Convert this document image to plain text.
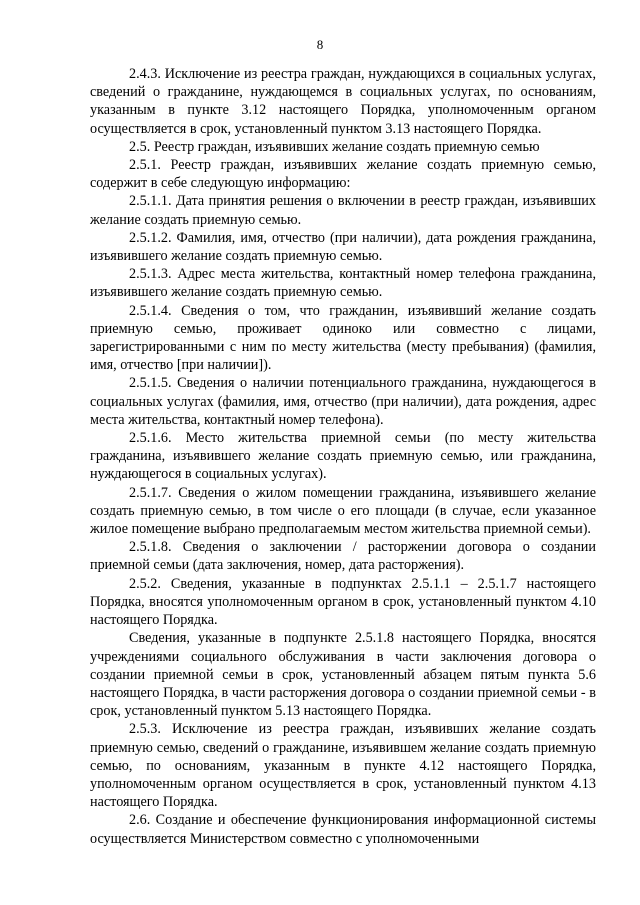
8

2.4.3. Исключение из реестра граждан, нуждающихся в социальных услугах, сведений о гражданине, нуждающемся в социальных услугах, по основаниям, указанным в пункте 3.12 настоящего Порядка, уполномоченным органом осуществляется в срок, установленный пунктом 3.13 настоящего Порядка.

2.5. Реестр граждан, изъявивших желание создать приемную семью

2.5.1. Реестр граждан, изъявивших желание создать приемную семью, содержит в себе следующую информацию:

2.5.1.1. Дата принятия решения о включении в реестр граждан, изъявивших желание создать приемную семью.

2.5.1.2. Фамилия, имя, отчество (при наличии), дата рождения гражданина, изъявившего желание создать приемную семью.

2.5.1.3. Адрес места жительства, контактный номер телефона гражданина, изъявившего желание создать приемную семью.

2.5.1.4. Сведения о том, что гражданин, изъявивший желание создать приемную семью, проживает одиноко или совместно с лицами, зарегистрированными с ним по месту жительства (месту пребывания) (фамилия, имя, отчество [при наличии]).

2.5.1.5. Сведения о наличии потенциального гражданина, нуждающегося в социальных услугах (фамилия, имя, отчество (при наличии), дата рождения, адрес места жительства, контактный номер телефона).

2.5.1.6. Место жительства приемной семьи (по месту жительства гражданина, изъявившего желание создать приемную семью, или гражданина, нуждающегося в социальных услугах).

2.5.1.7. Сведения о жилом помещении гражданина, изъявившего желание создать приемную семью, в том числе о его площади (в случае, если указанное жилое помещение выбрано предполагаемым местом жительства приемной семьи).

2.5.1.8. Сведения о заключении / расторжении договора о создании приемной семьи (дата заключения, номер, дата расторжения).

2.5.2. Сведения, указанные в подпунктах 2.5.1.1 – 2.5.1.7 настоящего Порядка, вносятся уполномоченным органом в срок, установленный пунктом 4.10 настоящего Порядка.

Сведения, указанные в подпункте 2.5.1.8 настоящего Порядка, вносятся учреждениями социального обслуживания в части заключения договора о создании приемной семьи в срок, установленный абзацем пятым пункта 5.6 настоящего Порядка, в части расторжения договора о создании приемной семьи - в срок, установленный пунктом 5.13 настоящего Порядка.

2.5.3. Исключение из реестра граждан, изъявивших желание создать приемную семью, сведений о гражданине, изъявившем желание создать приемную семью, по основаниям, указанным в пункте 4.12 настоящего Порядка, уполномоченным органом осуществляется в срок, установленный пунктом 4.13 настоящего Порядка.

2.6. Создание и обеспечение функционирования информационной системы осуществляется Министерством совместно с уполномоченными
